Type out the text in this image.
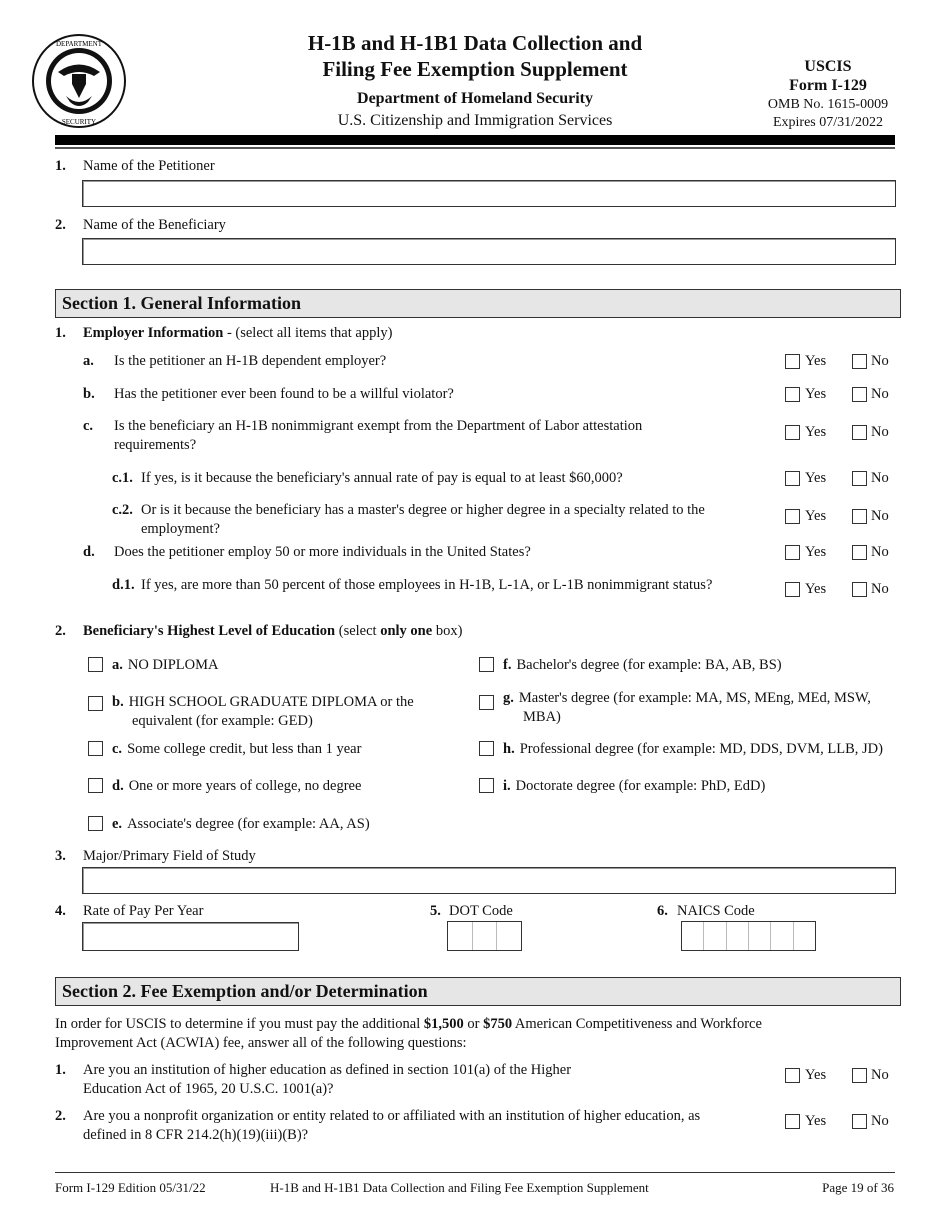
DEPARTMENT
SECURITY
H-1B and H-1B1 Data Collection and
Filing Fee Exemption Supplement
Department of Homeland Security
U.S. Citizenship and Immigration Services
USCIS
Form I-129
OMB No. 1615-0009
Expires 07/31/2022
1. Name of the Petitioner
2. Name of the Beneficiary
Section 1. General Information
1. Employer Information - (select all items that apply)
a. Is the petitioner an H-1B dependent employer?	Yes	No
b. Has the petitioner ever been found to be a willful violator?	Yes	No
c. Is the beneficiary an H-1B nonimmigrant exempt from the Department of Labor attestation requirements?
Yes	No
c.1. If yes, is it because the beneficiary's annual rate of pay is equal to at least $60,000?	Yes	No
c.2. Or is it because the beneficiary has a master's degree or higher degree in a specialty related to the employment?
Yes	No
d. Does the petitioner employ 50 or more individuals in the United States?	Yes	No
d.1. If yes, are more than 50 percent of those employees in H-1B, L-1A, or L-1B nonimmigrant status?	Yes	No
2. Beneficiary's Highest Level of Education (select only one box)
a. NO DIPLOMA
b. HIGH SCHOOL GRADUATE DIPLOMA or the equivalent (for example: GED)
c. Some college credit, but less than 1 year
d. One or more years of college, no degree
e. Associate's degree (for example: AA, AS)
f. Bachelor's degree (for example: BA, AB, BS)
g. Master's degree (for example: MA, MS, MEng, MEd, MSW, MBA)
h. Professional degree (for example: MD, DDS, DVM, LLB, JD)
i. Doctorate degree (for example: PhD, EdD)
3. Major/Primary Field of Study
4. Rate of Pay Per Year	5. DOT Code	6. NAICS Code
Section 2. Fee Exemption and/or Determination
In order for USCIS to determine if you must pay the additional $1,500 or $750 American Competitiveness and Workforce Improvement Act (ACWIA) fee, answer all of the following questions:
1. Are you an institution of higher education as defined in section 101(a) of the Higher Education Act of 1965, 20 U.S.C. 1001(a)?
Yes	No
2. Are you a nonprofit organization or entity related to or affiliated with an institution of higher education, as defined in 8 CFR 214.2(h)(19)(iii)(B)?
Yes	No
Form I-129 Edition 05/31/22	H-1B and H-1B1 Data Collection and Filing Fee Exemption Supplement	Page 19 of 36
